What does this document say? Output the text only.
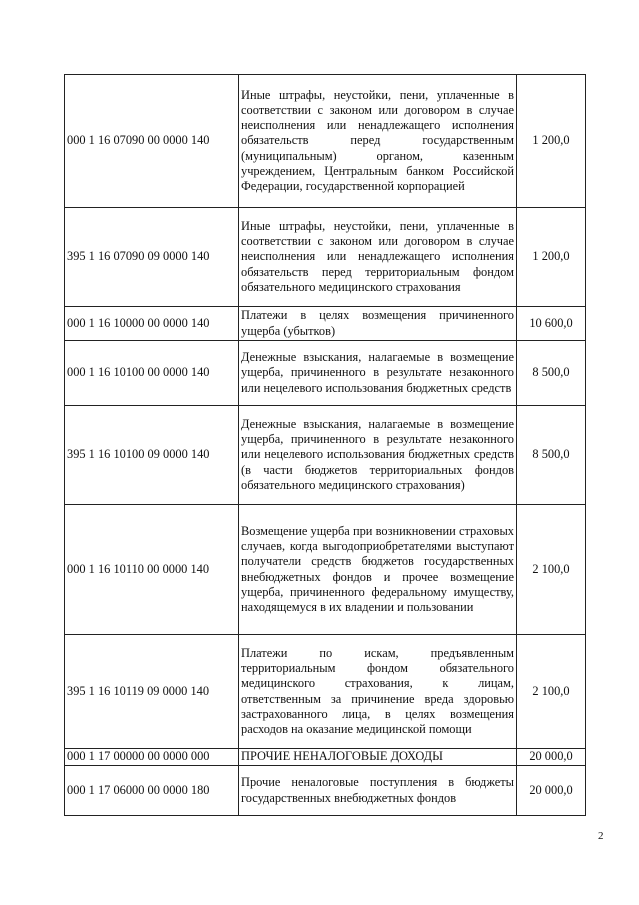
000 1 16 07090 00 0000 140	Иные штрафы, неустойки, пени, уплаченные в соответствии с законом или договором в случае неисполнения или ненадлежащего исполнения обязательств перед государственным (муниципальным) органом, казенным учреждением, Центральным банком Российской Федерации, государственной корпорацией	1 200,0
395 1 16 07090 09 0000 140	Иные штрафы, неустойки, пени, уплаченные в соответствии с законом или договором в случае неисполнения или ненадлежащего исполнения обязательств перед территориальным фондом обязательного медицинского страхования	1 200,0
000 1 16 10000 00 0000 140	Платежи в целях возмещения причиненного ущерба (убытков)	10 600,0
000 1 16 10100 00 0000 140	Денежные взыскания, налагаемые в возмещение ущерба, причиненного в результате незаконного или нецелевого использования бюджетных средств	8 500,0
395 1 16 10100 09 0000 140	Денежные взыскания, налагаемые в возмещение ущерба, причиненного в результате незаконного или нецелевого использования бюджетных средств (в части бюджетов территориальных фондов обязательного медицинского страхования)	8 500,0
000 1 16 10110 00 0000 140	Возмещение ущерба при возникновении страховых случаев, когда выгодоприобретателями выступают получатели средств бюджетов государственных внебюджетных фондов и прочее возмещение ущерба, причиненного федеральному имуществу, находящемуся в их владении и пользовании	2 100,0
395 1 16 10119 09 0000 140	Платежи по искам, предъявленным территориальным фондом обязательного медицинского страхования, к лицам, ответственным за причинение вреда здоровью застрахованного лица, в целях возмещения расходов на оказание медицинской помощи	2 100,0
000 1 17 00000 00 0000 000	ПРОЧИЕ НЕНАЛОГОВЫЕ ДОХОДЫ	20 000,0
000 1 17 06000 00 0000 180	Прочие неналоговые поступления в бюджеты государственных внебюджетных фондов	20 000,0
2
